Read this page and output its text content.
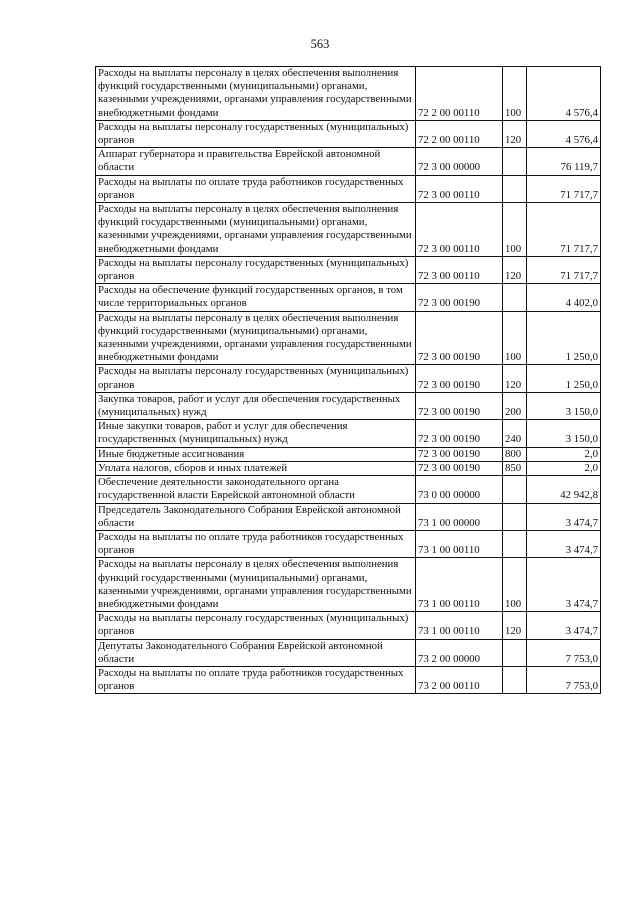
563
Расходы на выплаты персоналу в целях обеспечения выполнения функций государственными (муниципальными) органами, казенными учреждениями, органами управления государственными внебюджетными фондами	72 2 00 00110	100	4 576,4
Расходы на выплаты персоналу государственных (муниципальных) органов	72 2 00 00110	120	4 576,4
Аппарат губернатора и правительства Еврейской автономной области	72 3 00 00000		76 119,7
Расходы на выплаты по оплате труда работников государственных органов	72 3 00 00110		71 717,7
Расходы на выплаты персоналу в целях обеспечения выполнения функций государственными (муниципальными) органами, казенными учреждениями, органами управления государственными внебюджетными фондами	72 3 00 00110	100	71 717,7
Расходы на выплаты персоналу государственных (муниципальных) органов	72 3 00 00110	120	71 717,7
Расходы на обеспечение функций государственных органов, в том числе территориальных органов	72 3 00 00190		4 402,0
Расходы на выплаты персоналу в целях обеспечения выполнения функций государственными (муниципальными) органами, казенными учреждениями, органами управления государственными внебюджетными фондами	72 3 00 00190	100	1 250,0
Расходы на выплаты персоналу государственных (муниципальных) органов	72 3 00 00190	120	1 250,0
Закупка товаров, работ и услуг для обеспечения государственных (муниципальных) нужд	72 3 00 00190	200	3 150,0
Иные закупки товаров, работ и услуг для обеспечения государственных (муниципальных) нужд	72 3 00 00190	240	3 150,0
Иные бюджетные ассигнования	72 3 00 00190	800	2,0
Уплата налогов, сборов и иных платежей	72 3 00 00190	850	2,0
Обеспечение деятельности законодательного органа государственной власти Еврейской автономной области	73 0 00 00000		42 942,8
Председатель Законодательного Собрания Еврейской автономной области	73 1 00 00000		3 474,7
Расходы на выплаты по оплате труда работников государственных органов	73 1 00 00110		3 474,7
Расходы на выплаты персоналу в целях обеспечения выполнения функций государственными (муниципальными) органами, казенными учреждениями, органами управления государственными внебюджетными фондами	73 1 00 00110	100	3 474,7
Расходы на выплаты персоналу государственных (муниципальных) органов	73 1 00 00110	120	3 474,7
Депутаты Законодательного Собрания Еврейской автономной области	73 2 00 00000		7 753,0
Расходы на выплаты по оплате труда работников государственных органов	73 2 00 00110		7 753,0
